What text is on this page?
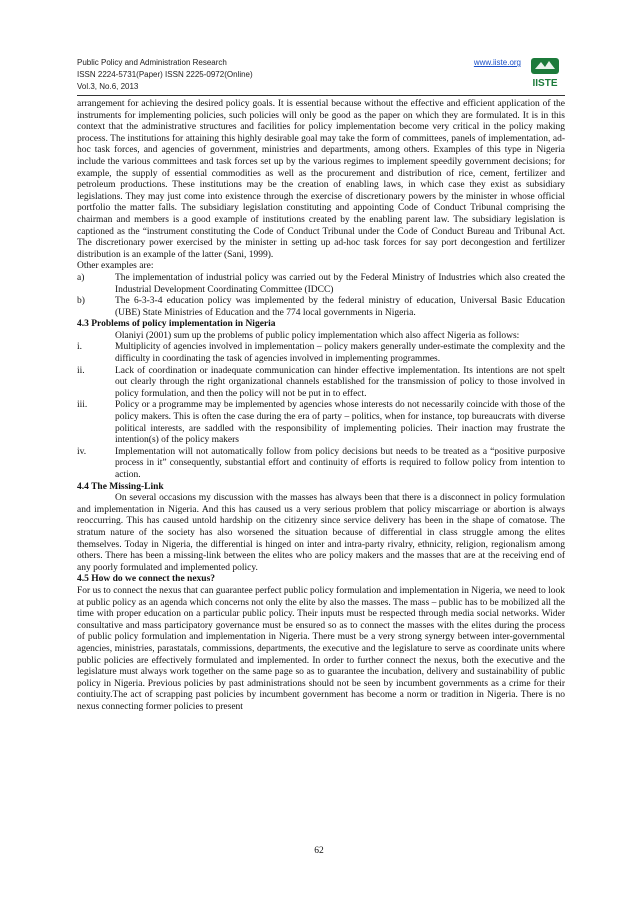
Public Policy and Administration Research
ISSN 2224-5731(Paper) ISSN 2225-0972(Online)
Vol.3, No.6, 2013
www.iiste.org
IISTE

arrangement for achieving the desired policy goals. It is essential because without the effective and efficient application of the instruments for implementing policies, such policies will only be good as the paper on which they are formulated. It is in this context that the administrative structures and facilities for policy implementation become very critical in the policy making process. The institutions for attaining this highly desirable goal may take the form of committees, panels of implementation, ad-hoc task forces, and agencies of government, ministries and departments, among others. Examples of this type in Nigeria include the various committees and task forces set up by the various regimes to implement speedily government decisions; for example, the supply of essential commodities as well as the procurement and distribution of rice, cement, fertilizer and petroleum productions. These institutions may be the creation of enabling laws, in which case they exist as subsidiary legislations. They may just come into existence through the exercise of discretionary powers by the minister in whose official portfolio the matter falls. The subsidiary legislation constituting and appointing Code of Conduct Tribunal comprising the chairman and members is a good example of institutions created by the enabling parent law. The subsidiary legislation is captioned as the “instrument constituting the Code of Conduct Tribunal under the Code of Conduct Bureau and Tribunal Act. The discretionary power exercised by the minister in setting up ad-hoc task forces for say port decongestion and fertilizer distribution is an example of the latter (Sani, 1999).

Other examples are:

a)	The implementation of industrial policy was carried out by the Federal Ministry of Industries which also created the Industrial Development Coordinating Committee (IDCC)
b)	The 6-3-3-4 education policy was implemented by the federal ministry of education, Universal Basic Education (UBE) State Ministries of Education and the 774 local governments in Nigeria.
4.3 Problems of policy implementation in Nigeria

Olaniyi (2001) sum up the problems of public policy implementation which also affect Nigeria as follows:

i.	Multiplicity of agencies involved in implementation – policy makers generally under-estimate the complexity and the difficulty in coordinating the task of agencies involved in implementing programmes.
ii.	Lack of coordination or inadequate communication can hinder effective implementation. Its intentions are not spelt out clearly through the right organizational channels established for the transmission of policy to those involved in policy formulation, and then the policy will not be put in to effect.
iii.	Policy or a programme may be implemented by agencies whose interests do not necessarily coincide with those of the policy makers. This is often the case during the era of party – politics, when for instance, top bureaucrats with diverse political interests, are saddled with the responsibility of implementing policies. Their inaction may frustrate the intention(s) of the policy makers
iv.	Implementation will not automatically follow from policy decisions but needs to be treated as a “positive purposive process in it” consequently, substantial effort and continuity of efforts is required to follow policy from intention to action.
4.4 The Missing-Link

On several occasions my discussion with the masses has always been that there is a disconnect in policy formulation and implementation in Nigeria. And this has caused us a very serious problem that policy miscarriage or abortion is always reoccurring. This has caused untold hardship on the citizenry since service delivery has been in the shape of comatose. The stratum nature of the society has also worsened the situation because of differential in class struggle among the elites themselves. Today in Nigeria, the differential is hinged on inter and intra-party rivalry, ethnicity, religion, regionalism among others. There has been a missing-link between the elites who are policy makers and the masses that are at the receiving end of any poorly formulated and implemented policy.

4.5 How do we connect the nexus?

For us to connect the nexus that can guarantee perfect public policy formulation and implementation in Nigeria, we need to look at public policy as an agenda which concerns not only the elite by also the masses. The mass – public has to be mobilized all the time with proper education on a particular public policy. Their inputs must be respected through media social networks. Wider consultative and mass participatory governance must be ensured so as to connect the masses with the elites during the process of public policy formulation and implementation in Nigeria. There must be a very strong synergy between inter-governmental agencies, ministries, parastatals, commissions, departments, the executive and the legislature to serve as coordinate units where public policies are effectively formulated and implemented. In order to further connect the nexus, both the executive and the legislature must always work together on the same page so as to guarantee the incubation, delivery and sustainability of public policy in Nigeria. Previous policies by past administrations should not be seen by incumbent governments as a crime for their contiuity.The act of scrapping past policies by incumbent government has become a norm or tradition in Nigeria. There is no nexus connecting former policies to present

62
